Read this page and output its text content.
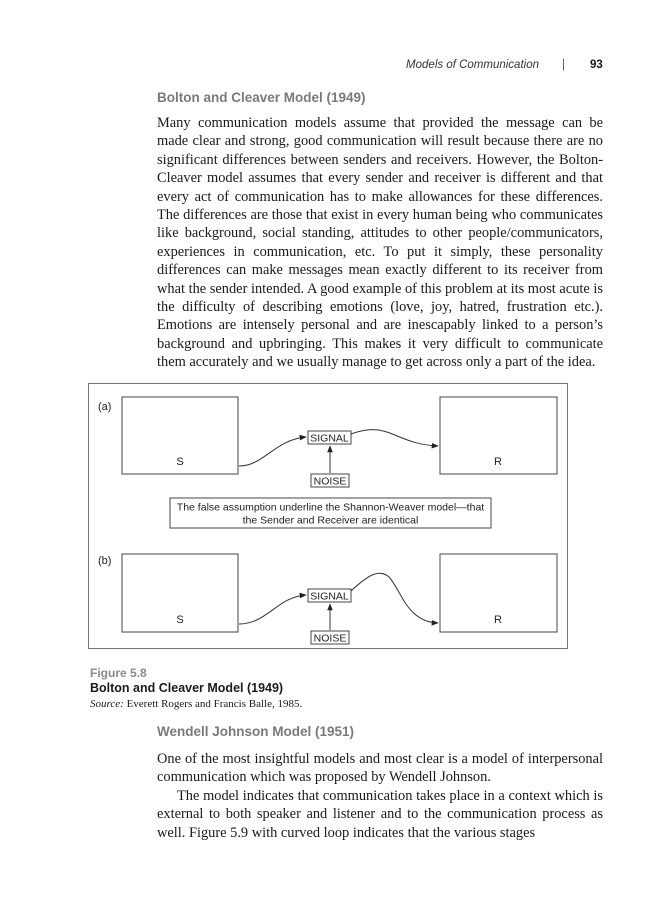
Models of Communication | 93
Bolton and Cleaver Model (1949)

Many communication models assume that provided the message can be made clear and strong, good communication will result because there are no significant differences between senders and receivers. However, the Bolton-Cleaver model assumes that every sender and receiver is different and that every act of communication has to make allowances for these differences. The differences are those that exist in every human being who communicates like background, social standing, attitudes to other people/communicators, experiences in communication, etc. To put it simply, these personality differences can make messages mean exactly different to its receiver from what the sender intended. A good example of this problem at its most acute is the difficulty of describing emotions (love, joy, hatred, frustration etc.). Emotions are intensely personal and are inescapably linked to a person’s background and upbringing. This makes it very difficult to communicate them accurately and we usually manage to get across only a part of the idea.

(a)
S	R
SIGNAL
NOISE
The false assumption underline the Shannon-Weaver model—that
the Sender and Receiver are identical
(b)
S	R
SIGNAL
NOISE
Figure 5.8
Bolton and Cleaver Model (1949)
Source: Everett Rogers and Francis Balle, 1985.
Wendell Johnson Model (1951)

One of the most insightful models and most clear is a model of interpersonal communication which was proposed by Wendell Johnson.

The model indicates that communication takes place in a context which is external to both speaker and listener and to the communication process as well. Figure 5.9 with curved loop indicates that the various stages
